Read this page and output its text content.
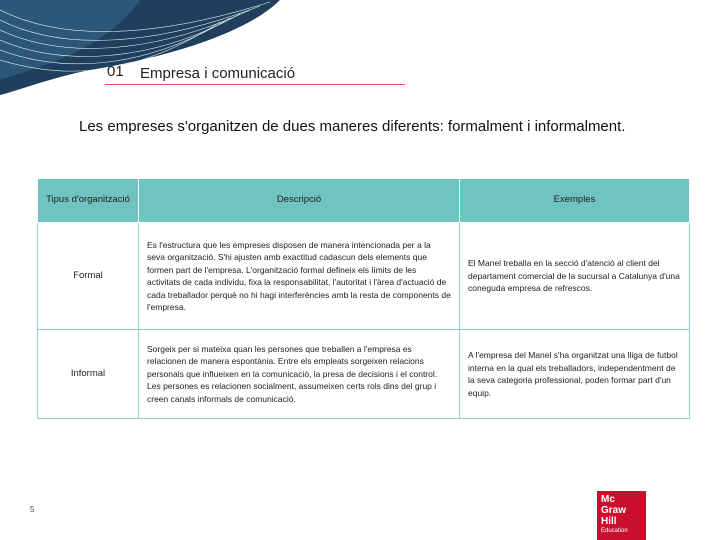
01 Empresa i comunicació
Les empreses s'organitzen de dues maneres diferents: formalment i informalment.
Tipus d'organització	Descripció	Exemples
Formal	Es l'estructura que les empreses disposen de manera intencionada per a la seva organització. S'hi ajusten amb exactitud cadascun dels elements que formen part de l'empresa. L'organització formal defineix els límits de les activitats de cada individu, fixa la responsabilitat, l'autoritat i l'àrea d'actuació de cada treballador perquè no hi hagi interferències amb la resta de components de l'empresa.	El Manel treballa en la secció d'atenció al client del departament comercial de la sucursal a Catalunya d'una coneguda empresa de refrescos.
Informal	Sorgeix per si mateixa quan les persones que treballen a l'empresa es relacionen de manera espontània. Entre els empleats sorgeixen relacions personals que influeixen en la comunicació, la presa de decisions i el control. Les persones es relacionen socialment, assumeixen certs rols dins del grup i creen canals informals de comunicació.	A l'empresa del Manel s'ha organitzat una lliga de futbol interna en la qual els treballadors, independentment de la seva categoria professional, poden formar part d'un equip.
5
Mc
Graw
Hill
Education
